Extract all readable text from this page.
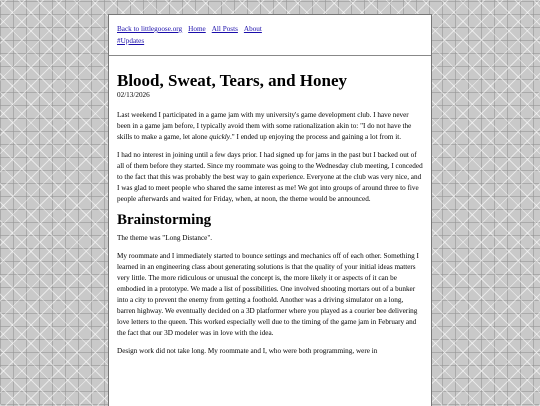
Back to littlegoose.org Home All Posts About
#Updates
Blood, Sweat, Tears, and Honey
02/13/2026

Last weekend I participated in a game jam with my university's game development club. I have never been in a game jam before, I typically avoid them with some rationalization akin to: "I do not have the skills to make a game, let alone quickly." I ended up enjoying the process and gaining a lot from it.

I had no interest in joining until a few days prior. I had signed up for jams in the past but I backed out of all of them before they started. Since my roommate was going to the Wednesday club meeting, I conceded to the fact that this was probably the best way to gain experience. Everyone at the club was very nice, and I was glad to meet people who shared the same interest as me! We got into groups of around three to five people afterwards and waited for Friday, when, at noon, the theme would be announced.

Brainstorming

The theme was "Long Distance".

My roommate and I immediately started to bounce settings and mechanics off of each other. Something I learned in an engineering class about generating solutions is that the quality of your initial ideas matters very little. The more ridiculous or unusual the concept is, the more likely it or aspects of it can be embodied in a prototype. We made a list of possibilities. One involved shooting mortars out of a bunker into a city to prevent the enemy from getting a foothold. Another was a driving simulator on a long, barren highway. We eventually decided on a 3D platformer where you played as a courier bee delivering love letters to the queen. This worked especially well due to the timing of the game jam in February and the fact that our 3D modeler was in love with the idea.

Design work did not take long. My roommate and I, who were both programming, were in
